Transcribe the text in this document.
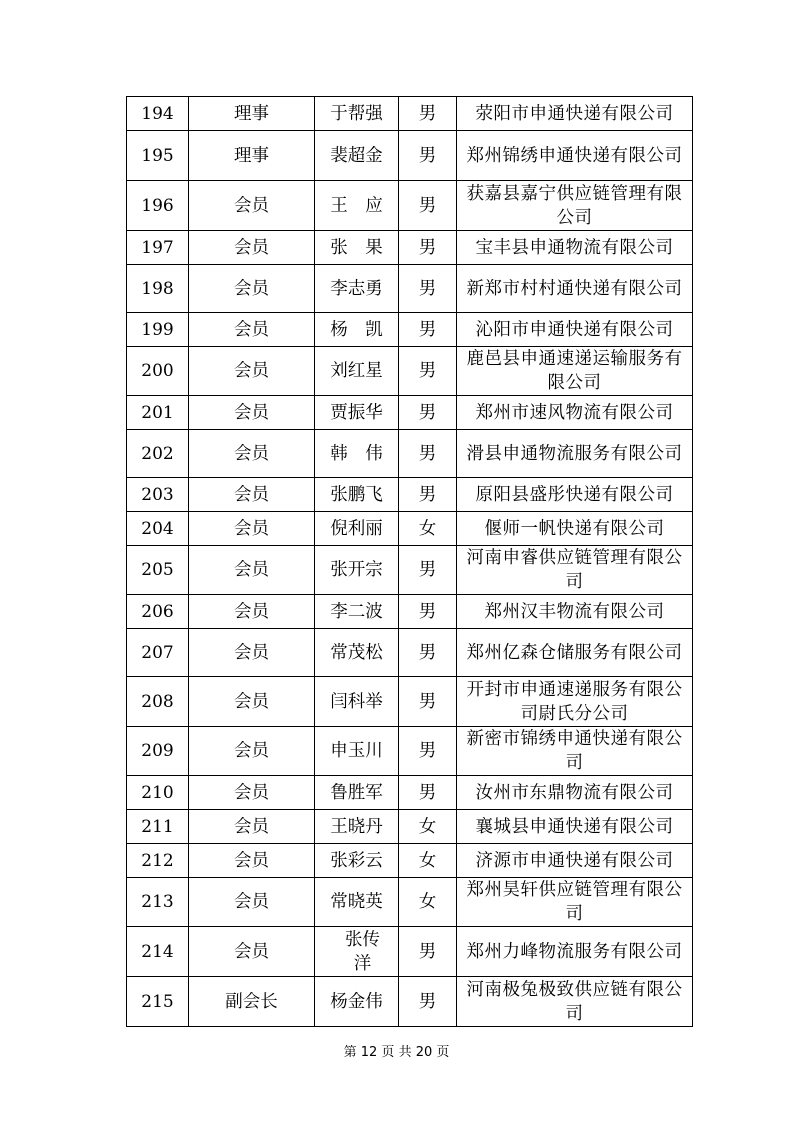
194	理事	于帮强	男	荥阳市申通快递有限公司
195	理事	裴超金	男	郑州锦绣申通快递有限公司
196	会员	王　应	男	获嘉县嘉宁供应链管理有限公司
197	会员	张　果	男	宝丰县申通物流有限公司
198	会员	李志勇	男	新郑市村村通快递有限公司
199	会员	杨　凯	男	沁阳市申通快递有限公司
200	会员	刘红星	男	鹿邑县申通速递运输服务有限公司
201	会员	贾振华	男	郑州市速风物流有限公司
202	会员	韩　伟	男	滑县申通物流服务有限公司
203	会员	张鹏飞	男	原阳县盛彤快递有限公司
204	会员	倪利丽	女	偃师一帆快递有限公司
205	会员	张开宗	男	河南申睿供应链管理有限公司
206	会员	李二波	男	郑州汉丰物流有限公司
207	会员	常茂松	男	郑州亿森仓储服务有限公司
208	会员	闫科举	男	开封市申通速递服务有限公司尉氏分公司
209	会员	申玉川	男	新密市锦绣申通快递有限公司
210	会员	鲁胜军	男	汝州市东鼎物流有限公司
211	会员	王晓丹	女	襄城县申通快递有限公司
212	会员	张彩云	女	济源市申通快递有限公司
213	会员	常晓英	女	郑州昊轩供应链管理有限公司
214	会员	张传洋	男	郑州力峰物流服务有限公司
215	副会长	杨金伟	男	河南极兔极致供应链有限公司
第 12 页 共 20 页
